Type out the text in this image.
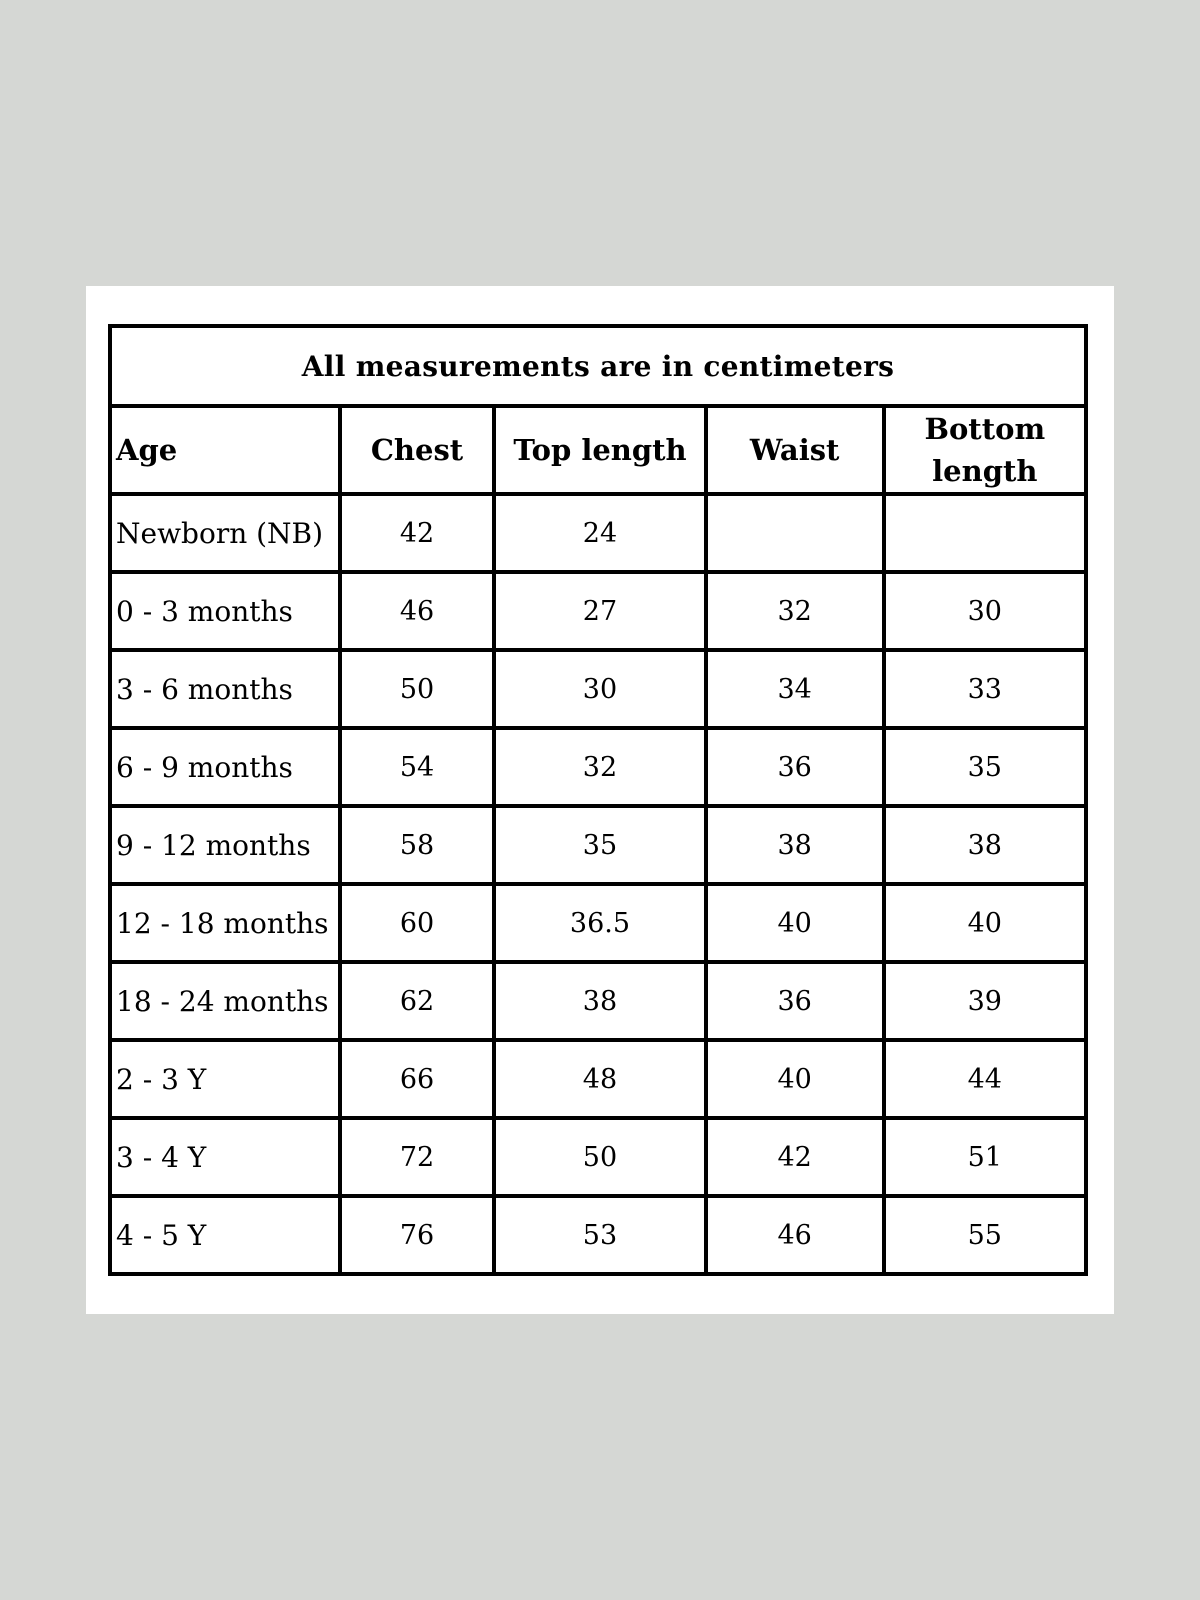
All measurements are in centimeters				
Age	Chest	Top length	Waist	Bottom
length
Newborn (NB)	42	24		
0 - 3 months	46	27	32	30
3 - 6 months	50	30	34	33
6 - 9 months	54	32	36	35
9 - 12 months	58	35	38	38
12 - 18 months	60	36.5	40	40
18 - 24 months	62	38	36	39
2 - 3 Y	66	48	40	44
3 - 4 Y	72	50	42	51
4 - 5 Y	76	53	46	55
